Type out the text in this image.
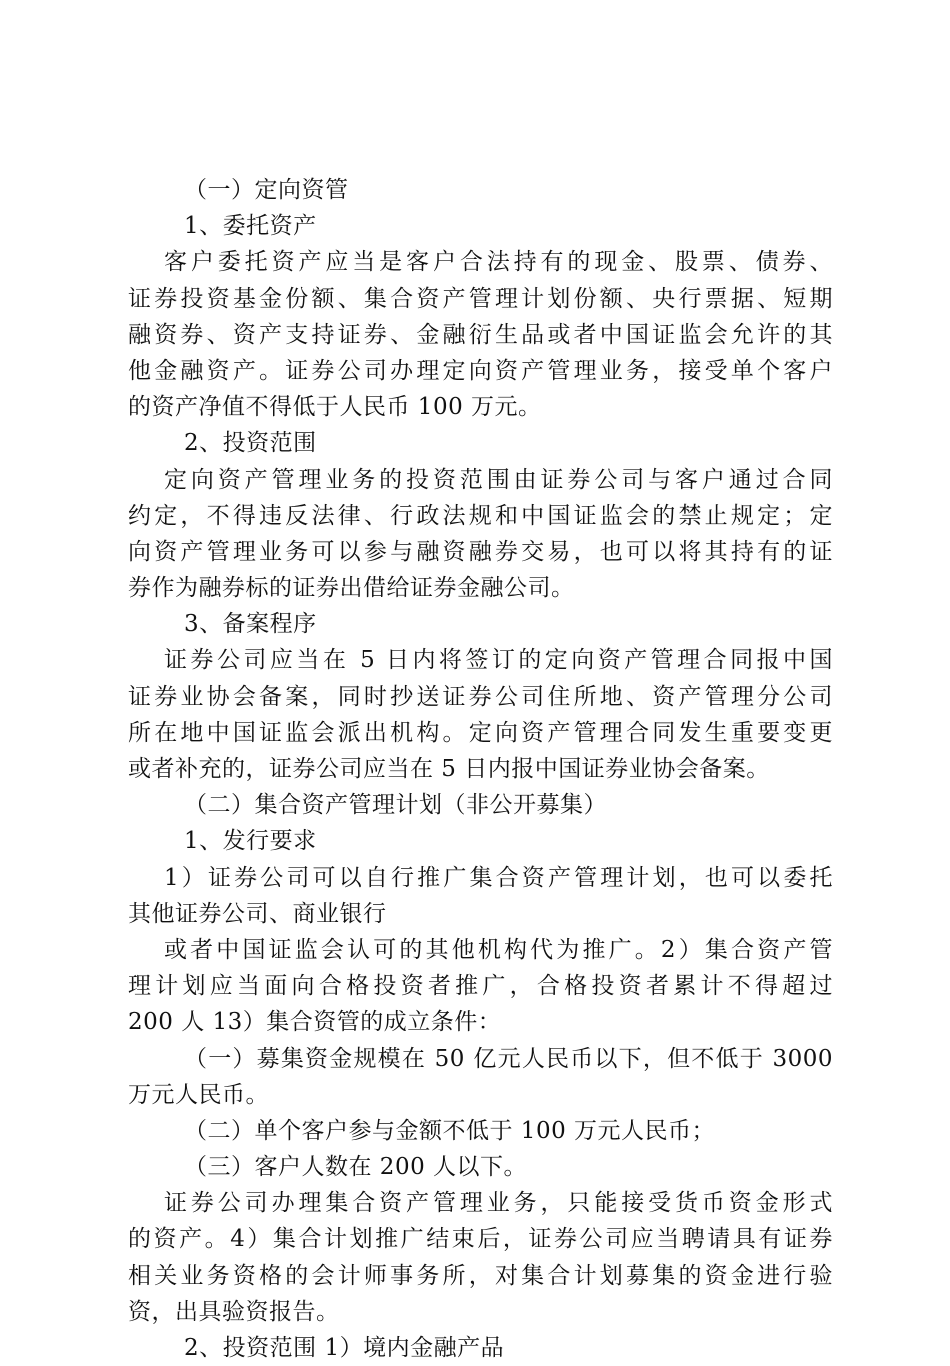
（一）定向资管
1、委托资产
客户委托资产应当是客户合法持有的现金、股票、债券、
证券投资基金份额、集合资产管理计划份额、央行票据、短期
融资券、资产支持证券、金融衍生品或者中国证监会允许的其
他金融资产。证券公司办理定向资产管理业务，接受单个客户
的资产净值不得低于人民币 100 万元。
2、投资范围
定向资产管理业务的投资范围由证券公司与客户通过合同
约定，不得违反法律、行政法规和中国证监会的禁止规定；定
向资产管理业务可以参与融资融券交易，也可以将其持有的证
券作为融券标的证券出借给证券金融公司。
3、备案程序
证券公司应当在 5 日内将签订的定向资产管理合同报中国
证券业协会备案，同时抄送证券公司住所地、资产管理分公司
所在地中国证监会派出机构。定向资产管理合同发生重要变更
或者补充的，证券公司应当在 5 日内报中国证券业协会备案。
（二）集合资产管理计划（非公开募集）
1、发行要求
1）证券公司可以自行推广集合资产管理计划，也可以委托
其他证券公司、商业银行
或者中国证监会认可的其他机构代为推广。2）集合资产管
理计划应当面向合格投资者推广，合格投资者累计不得超过
200 人 13）集合资管的成立条件：
（一）募集资金规模在 50 亿元人民币以下，但不低于 3000
万元人民币。
（二）单个客户参与金额不低于 100 万元人民币；
（三）客户人数在 200 人以下。
证券公司办理集合资产管理业务，只能接受货币资金形式
的资产。4）集合计划推广结束后，证券公司应当聘请具有证券
相关业务资格的会计师事务所，对集合计划募集的资金进行验
资，出具验资报告。
2、投资范围 1）境内金融产品
